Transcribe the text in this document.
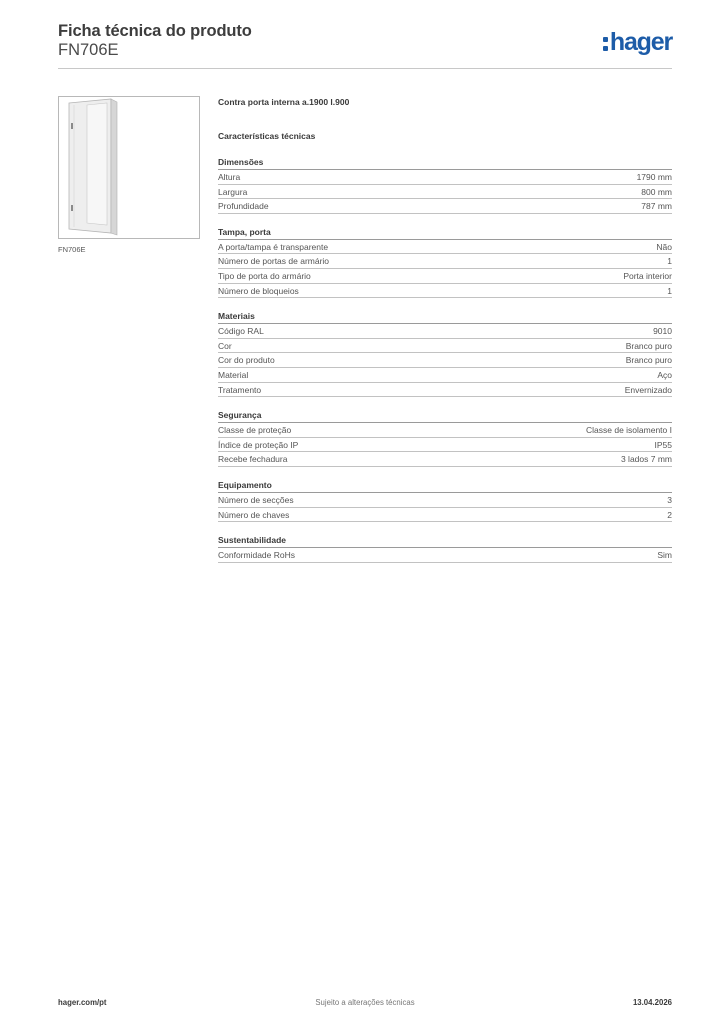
Ficha técnica do produto
FN706E	hager
FN706E
Contra porta interna a.1900 l.900
Características técnicas
Dimensões
Altura	1790 mm
Largura	800 mm
Profundidade	787 mm
Tampa, porta
A porta/tampa é transparente	Não
Número de portas de armário	1
Tipo de porta do armário	Porta interior
Número de bloqueios	1
Materiais
Código RAL	9010
Cor	Branco puro
Cor do produto	Branco puro
Material	Aço
Tratamento	Envernizado
Segurança
Classe de proteção	Classe de isolamento I
Índice de proteção IP	IP55
Recebe fechadura	3 lados 7 mm
Equipamento
Número de secções	3
Número de chaves	2
Sustentabilidade
Conformidade RoHs	Sim
hager.com/pt	Sujeito a alterações técnicas	13.04.2026
